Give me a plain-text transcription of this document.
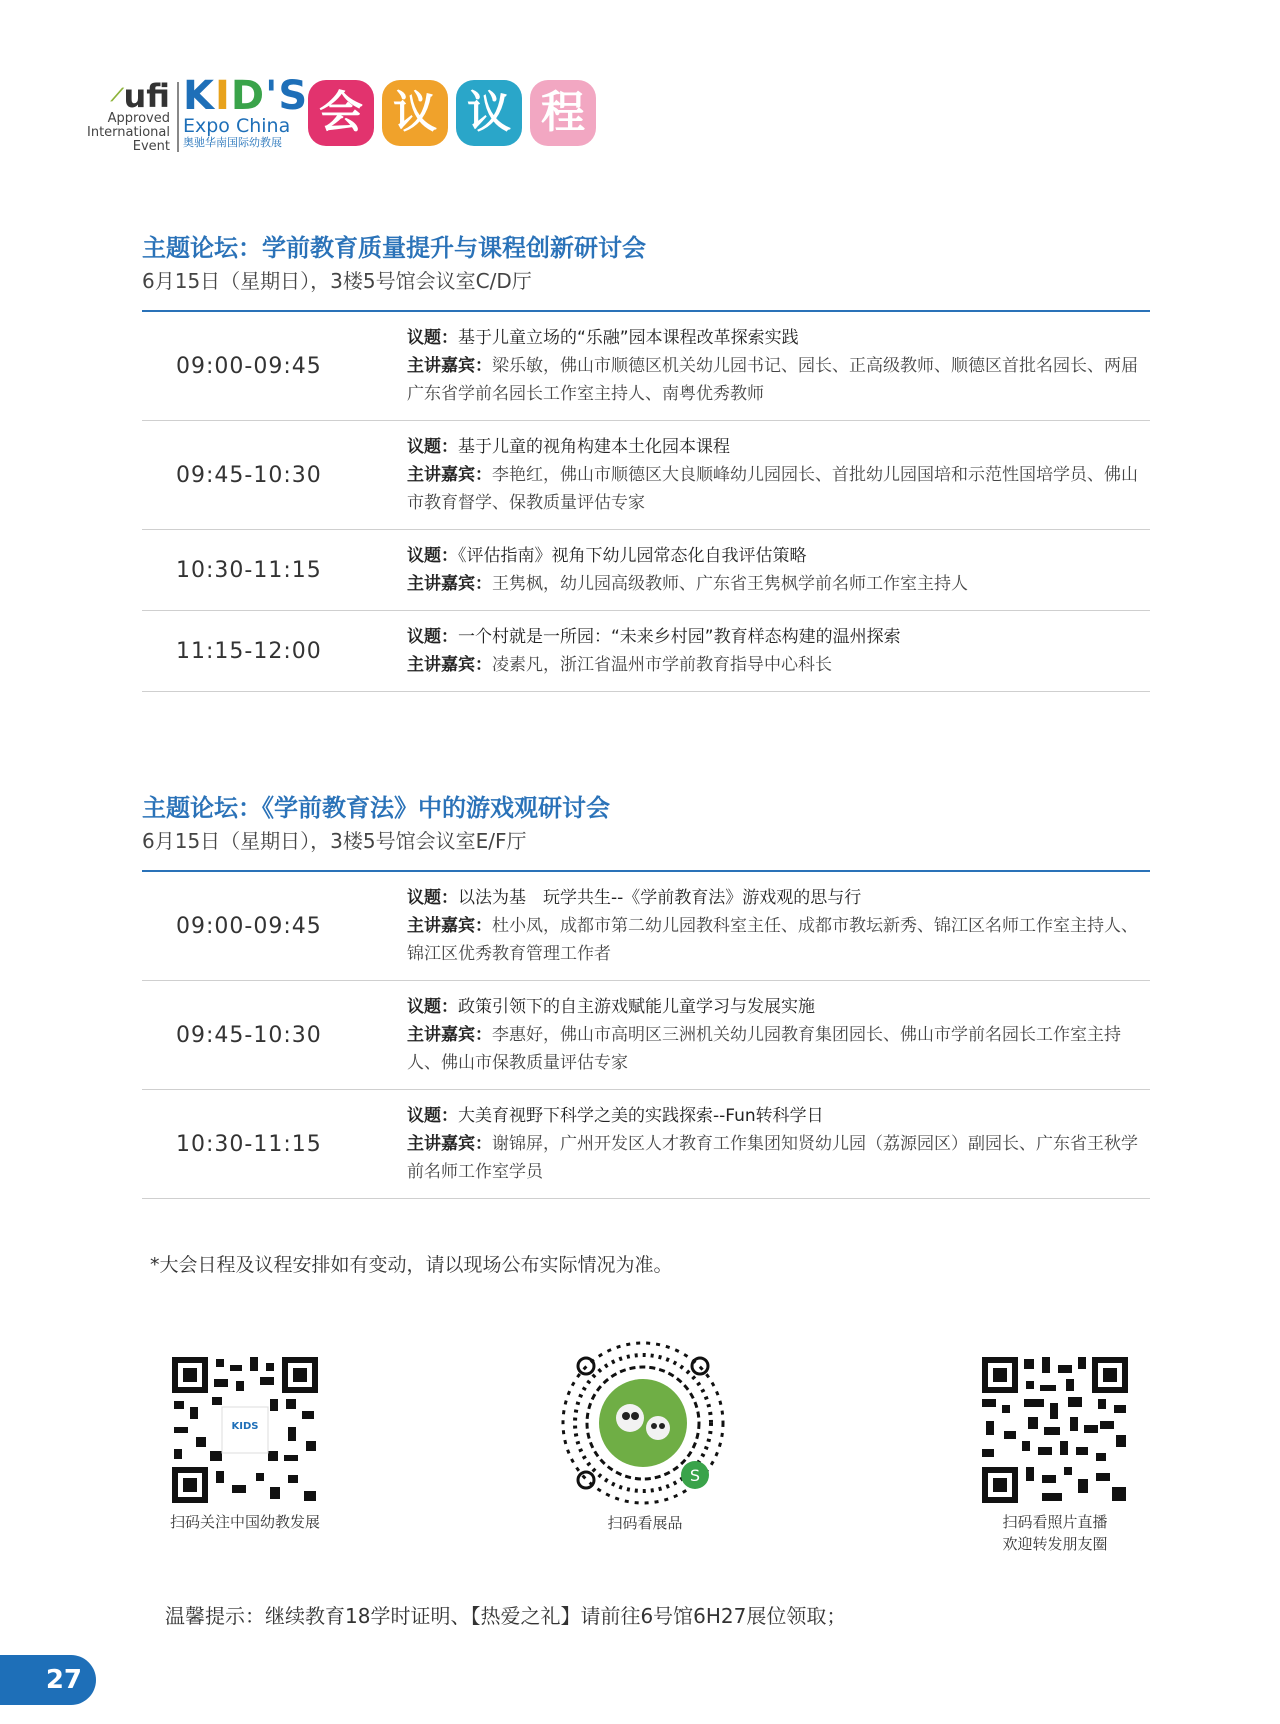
⟋ufi
Approved
International
Event
KID'S
Expo China
奥驰华南国际幼教展
会 议 议 程
主题论坛：学前教育质量提升与课程创新研讨会
6月15日（星期日），3楼5号馆会议室C/D厅
09:00-09:45
议题：基于儿童立场的“乐融”园本课程改革探索实践
主讲嘉宾：梁乐敏，佛山市顺德区机关幼儿园书记、园长、正高级教师、顺德区首批名园长、两届广东省学前名园长工作室主持人、南粤优秀教师
09:45-10:30
议题：基于儿童的视角构建本土化园本课程
主讲嘉宾：李艳红，佛山市顺德区大良顺峰幼儿园园长、首批幼儿园国培和示范性国培学员、佛山市教育督学、保教质量评估专家
10:30-11:15
议题：《评估指南》视角下幼儿园常态化自我评估策略
主讲嘉宾：王隽枫，幼儿园高级教师、广东省王隽枫学前名师工作室主持人
11:15-12:00
议题：一个村就是一所园：“未来乡村园”教育样态构建的温州探索
主讲嘉宾：凌素凡，浙江省温州市学前教育指导中心科长
主题论坛：《学前教育法》中的游戏观研讨会
6月15日（星期日），3楼5号馆会议室E/F厅
09:00-09:45
议题：以法为基　玩学共生--《学前教育法》游戏观的思与行
主讲嘉宾：杜小凤，成都市第二幼儿园教科室主任、成都市教坛新秀、锦江区名师工作室主持人、锦江区优秀教育管理工作者
09:45-10:30
议题：政策引领下的自主游戏赋能儿童学习与发展实施
主讲嘉宾：李惠好，佛山市高明区三洲机关幼儿园教育集团园长、佛山市学前名园长工作室主持人、佛山市保教质量评估专家
10:30-11:15
议题：大美育视野下科学之美的实践探索--Fun转科学日
主讲嘉宾：谢锦屏，广州开发区人才教育工作集团知贤幼儿园（荔源园区）副园长、广东省王秋学前名师工作室学员
*大会日程及议程安排如有变动，请以现场公布实际情况为准。
KIDS
扫码关注中国幼教发展
S
扫码看展品	扫码看照片直播
欢迎转发朋友圈
温馨提示：继续教育18学时证明、【热爱之礼】请前往6号馆6H27展位领取；
27
